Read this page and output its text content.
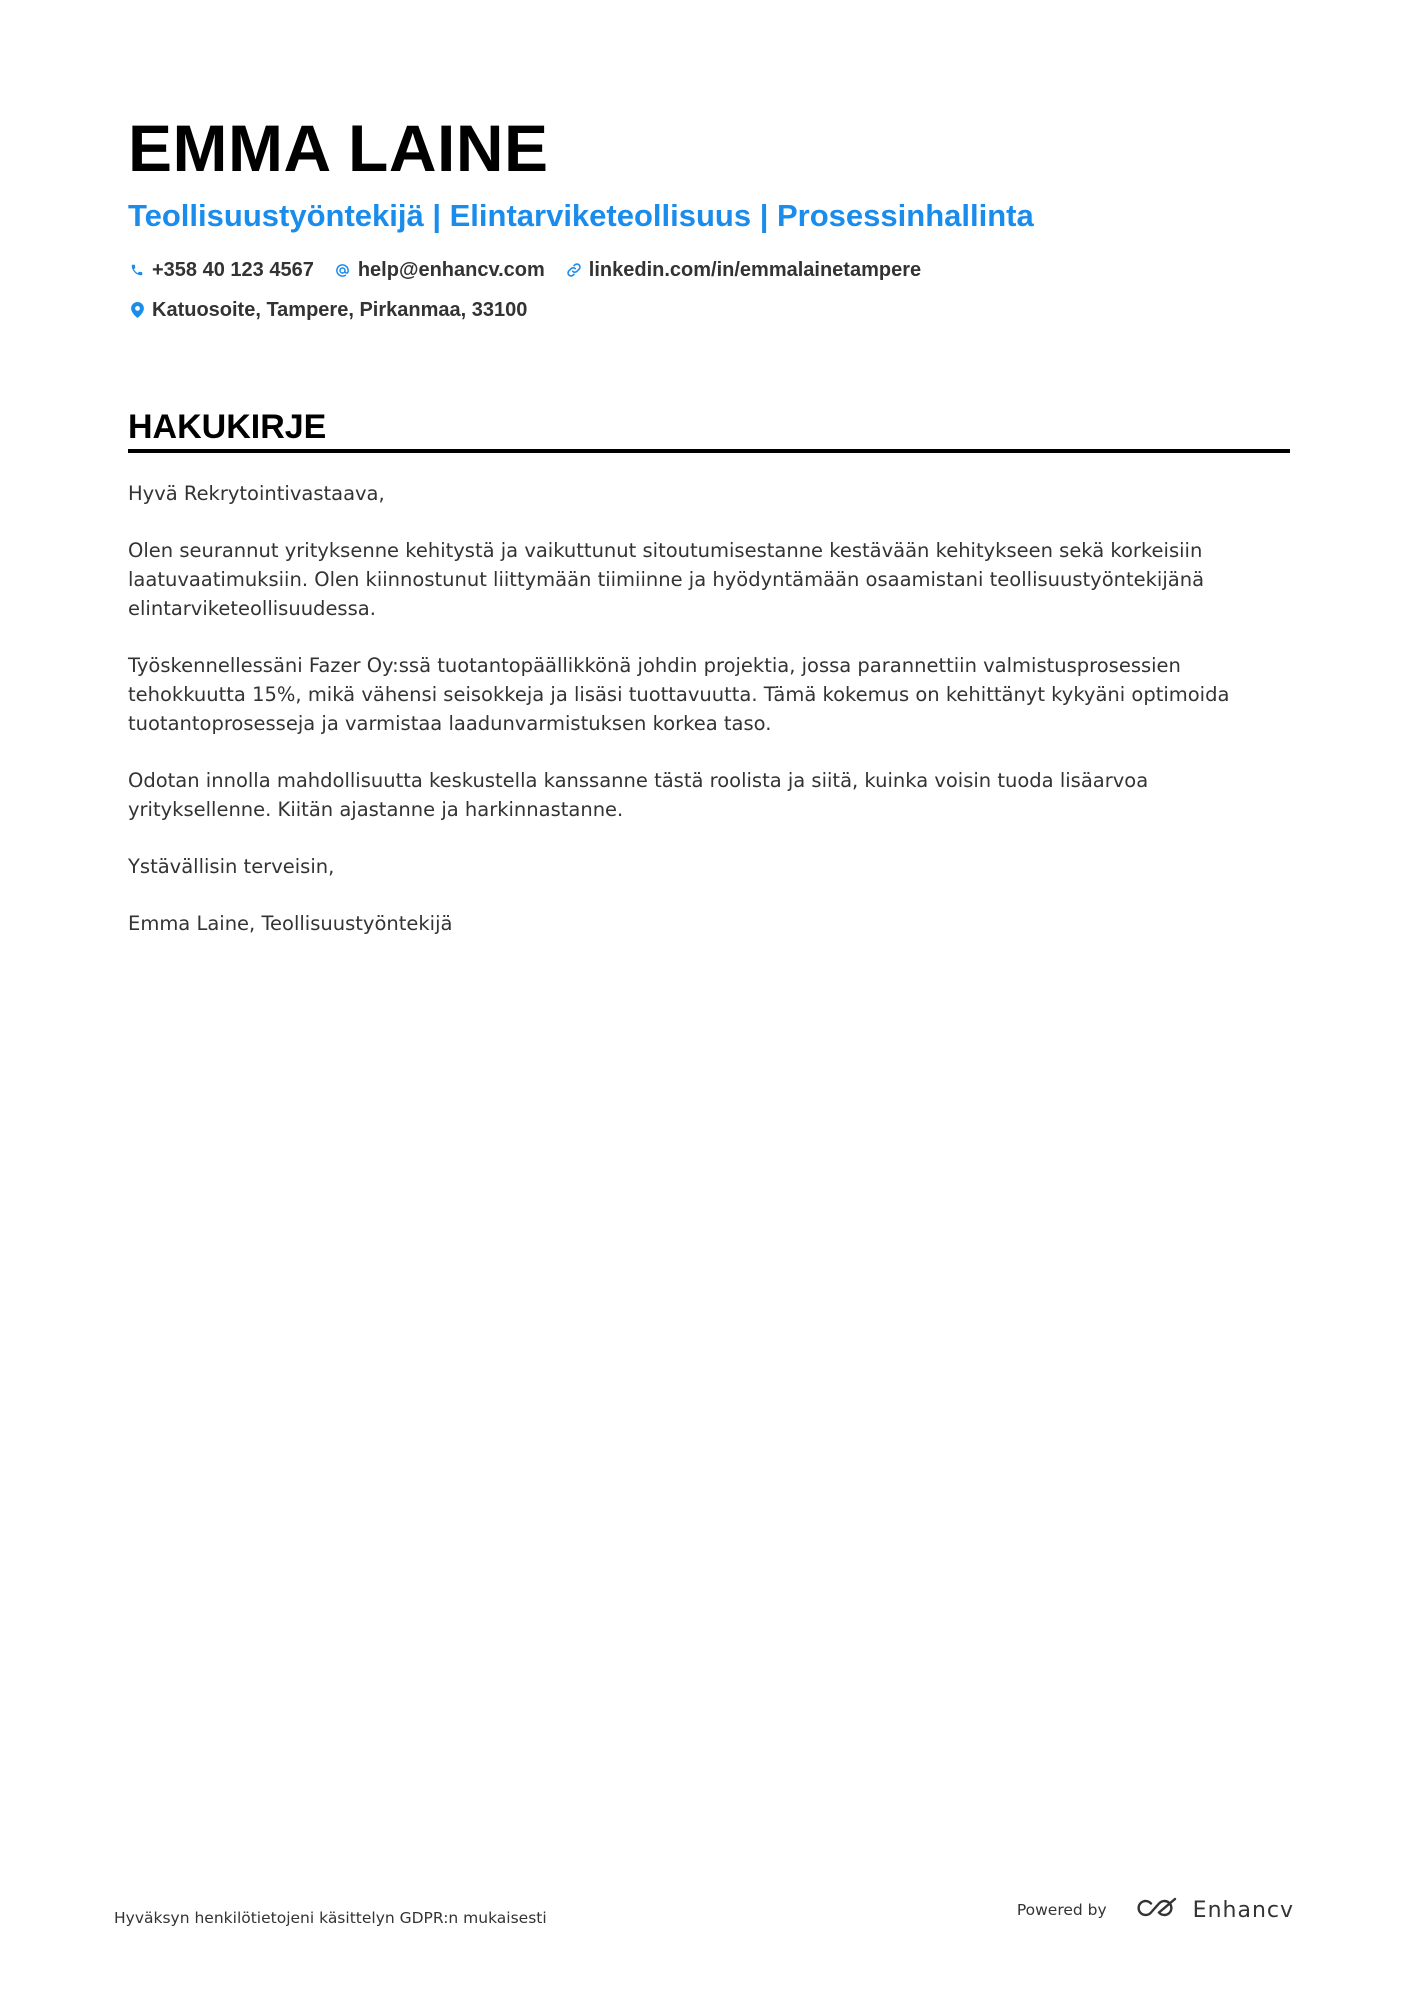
EMMA LAINE
Teollisuustyöntekijä | Elintarviketeollisuus | Prosessinhallinta
+358 40 123 4567 help@enhancv.com linkedin.com/in/emmalainetampere
Katuosoite, Tampere, Pirkanmaa, 33100
HAKUKIRJE

Hyvä Rekrytointivastaava,

Olen seurannut yrityksenne kehitystä ja vaikuttunut sitoutumisestanne kestävään kehitykseen sekä korkeisiin laatuvaatimuksiin. Olen kiinnostunut liittymään tiimiinne ja hyödyntämään osaamistani teollisuustyöntekijänä elintarviketeollisuudessa.

Työskennellessäni Fazer Oy:ssä tuotantopäällikkönä johdin projektia, jossa parannettiin valmistusprosessien tehokkuutta 15%, mikä vähensi seisokkeja ja lisäsi tuottavuutta. Tämä kokemus on kehittänyt kykyäni optimoida tuotantoprosesseja ja varmistaa laadunvarmistuksen korkea taso.

Odotan innolla mahdollisuutta keskustella kanssanne tästä roolista ja siitä, kuinka voisin tuoda lisäarvoa yrityksellenne. Kiitän ajastanne ja harkinnastanne.

Ystävällisin terveisin,

Emma Laine, Teollisuustyöntekijä

Hyväksyn henkilötietojeni käsittelyn GDPR:n mukaisesti	Powered by	Enhancv
